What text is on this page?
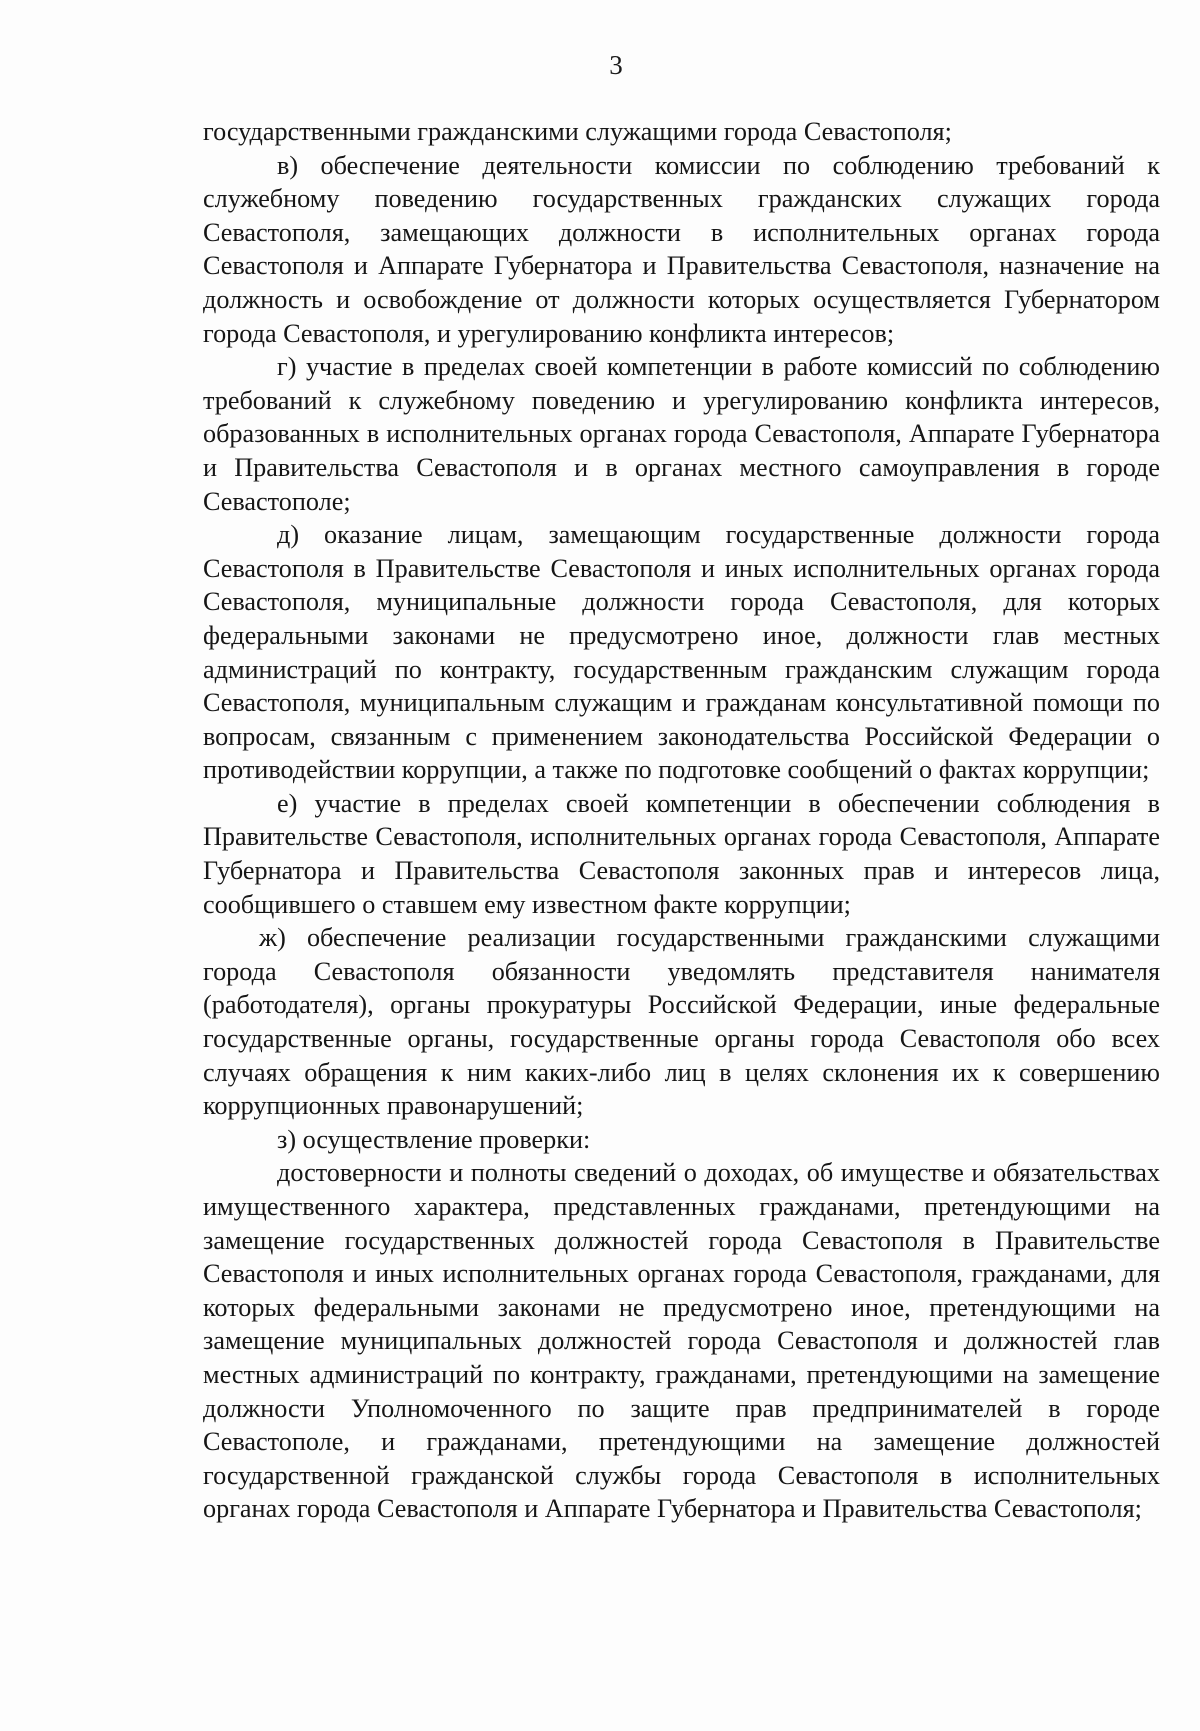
3

государственными гражданскими служащими города Севастополя;

в) обеспечение деятельности комиссии по соблюдению требований к служебному поведению государственных гражданских служащих города Севастополя, замещающих должности в исполнительных органах города Севастополя и Аппарате Губернатора и Правительства Севастополя, назначение на должность и освобождение от должности которых осуществляется Губернатором города Севастополя, и урегулированию конфликта интересов;

г) участие в пределах своей компетенции в работе комиссий по соблюдению требований к служебному поведению и урегулированию конфликта интересов, образованных в исполнительных органах города Севастополя, Аппарате Губернатора и Правительства Севастополя и в органах местного самоуправления в городе Севастополе;

д) оказание лицам, замещающим государственные должности города Севастополя в Правительстве Севастополя и иных исполнительных органах города Севастополя, муниципальные должности города Севастополя, для которых федеральными законами не предусмотрено иное, должности глав местных администраций по контракту, государственным гражданским служащим города Севастополя, муниципальным служащим и гражданам консультативной помощи по вопросам, связанным с применением законодательства Российской Федерации о противодействии коррупции, а также по подготовке сообщений о фактах коррупции;

е) участие в пределах своей компетенции в обеспечении соблюдения в Правительстве Севастополя, исполнительных органах города Севастополя, Аппарате Губернатора и Правительства Севастополя законных прав и интересов лица, сообщившего о ставшем ему известном факте коррупции;

ж) обеспечение реализации государственными гражданскими служащими города Севастополя обязанности уведомлять представителя нанимателя (работодателя), органы прокуратуры Российской Федерации, иные федеральные государственные органы, государственные органы города Севастополя обо всех случаях обращения к ним каких-либо лиц в целях склонения их к совершению коррупционных правонарушений;

з) осуществление проверки:

достоверности и полноты сведений о доходах, об имуществе и обязательствах имущественного характера, представленных гражданами, претендующими на замещение государственных должностей города Севастополя в Правительстве Севастополя и иных исполнительных органах города Севастополя, гражданами, для которых федеральными законами не предусмотрено иное, претендующими на замещение муниципальных должностей города Севастополя и должностей глав местных администраций по контракту, гражданами, претендующими на замещение должности Уполномоченного по защите прав предпринимателей в городе Севастополе, и гражданами, претендующими на замещение должностей государственной гражданской службы города Севастополя в исполнительных органах города Севастополя и Аппарате Губернатора и Правительства Севастополя;
